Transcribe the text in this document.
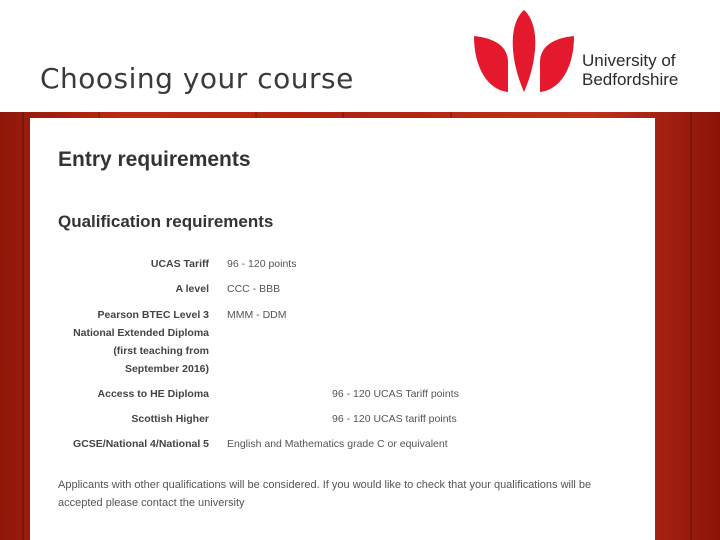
Choosing your course
University of
Bedfordshire
Entry requirements
Qualification requirements
UCAS Tariff 96 - 120 points
A level CCC - BBB
Pearson BTEC Level 3
National Extended Diploma
(first teaching from
September 2016)
MMM - DDM
Access to HE Diploma	96 - 120 UCAS Tariff points
Scottish Higher	96 - 120 UCAS tariff points
GCSE/National 4/National 5 English and Mathematics grade C or equivalent
Applicants with other qualifications will be considered. If you would like to check that your qualifications will be accepted please contact the university
